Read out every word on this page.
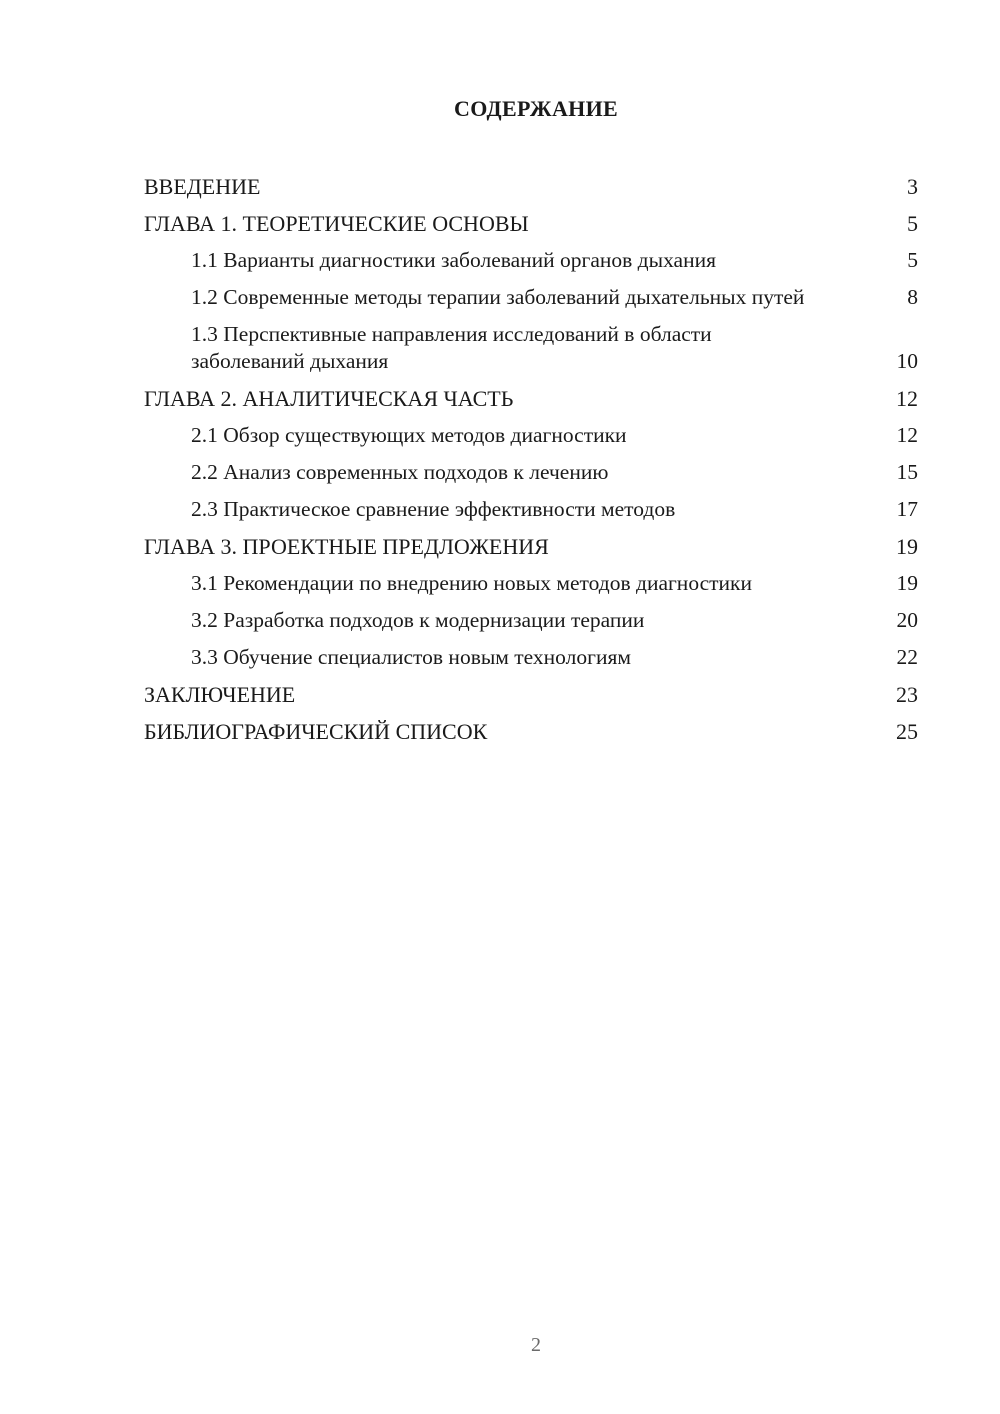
СОДЕРЖАНИЕ
ВВЕДЕНИЕ	3
ГЛАВА 1. ТЕОРЕТИЧЕСКИЕ ОСНОВЫ	5
1.1 Варианты диагностики заболеваний органов дыхания	5
1.2 Современные методы терапии заболеваний дыхательных путей	8
1.3 Перспективные направления исследований в области заболеваний дыхания	10
ГЛАВА 2. АНАЛИТИЧЕСКАЯ ЧАСТЬ	12
2.1 Обзор существующих методов диагностики	12
2.2 Анализ современных подходов к лечению	15
2.3 Практическое сравнение эффективности методов	17
ГЛАВА 3. ПРОЕКТНЫЕ ПРЕДЛОЖЕНИЯ	19
3.1 Рекомендации по внедрению новых методов диагностики	19
3.2 Разработка подходов к модернизации терапии	20
3.3 Обучение специалистов новым технологиям	22
ЗАКЛЮЧЕНИЕ	23
БИБЛИОГРАФИЧЕСКИЙ СПИСОК	25
2
